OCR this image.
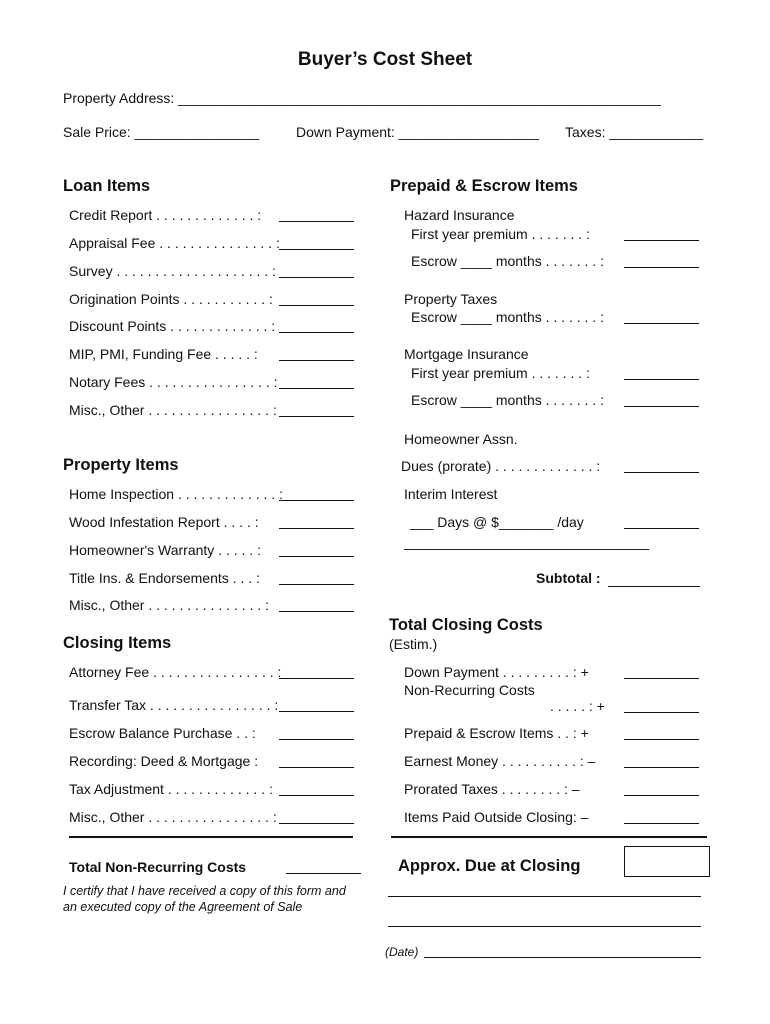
Buyer’s Cost Sheet
Property Address: ______________________________________________________________
Sale Price: ________________	Down Payment: __________________ Taxes: ____________
Loan Items
Credit Report . . . . . . . . . . . . . :
Appraisal Fee . . . . . . . . . . . . . . . :
Survey . . . . . . . . . . . . . . . . . . . . :
Origination Points . . . . . . . . . . . :
Discount Points . . . . . . . . . . . . . :
MIP, PMI, Funding Fee . . . . . :
Notary Fees . . . . . . . . . . . . . . . . :
Misc., Other . . . . . . . . . . . . . . . . :
Property Items
Home Inspection . . . . . . . . . . . . . :
Wood Infestation Report . . . . :
Homeowner's Warranty . . . . . :
Title Ins. & Endorsements . . . :
Misc., Other . . . . . . . . . . . . . . . :
Closing Items
Attorney Fee . . . . . . . . . . . . . . . . :
Transfer Tax . . . . . . . . . . . . . . . . :
Escrow Balance Purchase . . :
Recording: Deed & Mortgage :
Tax Adjustment . . . . . . . . . . . . . :
Misc., Other . . . . . . . . . . . . . . . . :
Total Non-Recurring Costs
I certify that I have received a copy of this form and
an executed copy of the Agreement of Sale
Prepaid & Escrow Items
Hazard Insurance
First year premium . . . . . . . :
Escrow ____ months . . . . . . . :
Property Taxes
Escrow ____ months . . . . . . . :
Mortgage Insurance
First year premium . . . . . . . :
Escrow ____ months . . . . . . . :
Homeowner Assn.
Dues (prorate) . . . . . . . . . . . . . :
Interim Interest
___ Days @ $_______ /day
––––––––––––––––––––––––––––––––––––
Subtotal :
Total Closing Costs
(Estim.)
Down Payment . . . . . . . . . : +
Non-Recurring Costs
. . . . . : +
Prepaid & Escrow Items . . : +
Earnest Money . . . . . . . . . . : –
Prorated Taxes . . . . . . . . : –
Items Paid Outside Closing: –
Approx. Due at Closing
(Date)
